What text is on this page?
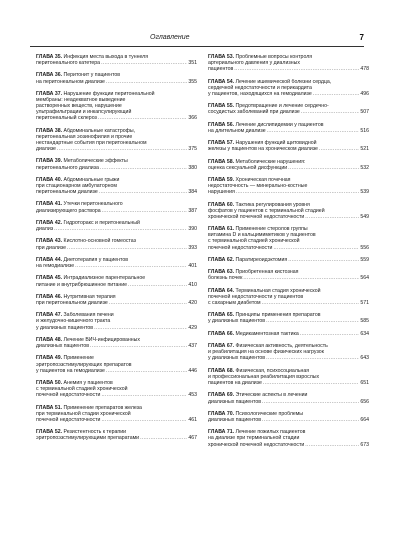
Оглавление	7
ГЛАВА 35. Инфекция места выхода в туннеля
перитонеального катетера .....	351
ГЛАВА 36. Перитонит у пациентов
на перитонеальном диализе .....	355
ГЛАВА 37. Нарушение функции перитонеальной
мембраны: неадекватное выведение
растворенных веществ, нарушение
ультрафильтрации и инкапсулирующий
перитонеальный склероз .....	366
ГЛАВА 38. Абдоминальные катастрофы,
перитонеальная эозинофилия и прочие
нестандартные события при перитонеальном
диализе .....	375
ГЛАВА 39. Метаболические эффекты
перитонеального диализа .....	380
ГЛАВА 40. Абдоминальные грыжи
при стационарном амбулаторном
перитонеальном диализе .....	384
ГЛАВА 41. Утечки перитонеального
диализирующего раствора .....	387
ГЛАВА 42. Гидроторакс и перитонеальный
диализ .....	390
ГЛАВА 43. Кислотно-основной гомеостаз
при диализе .....	393
ГЛАВА 44. Диетотерапия у пациентов
на гемодиализе .....	401
ГЛАВА 45. Интрадиализное парентеральное
питание и внутрибрюшинное питание .....	410
ГЛАВА 46. Нутритивная терапия
при перитонеальном диализе .....	420
ГЛАВА 47. Заболевания печени
и желудочно-кишечного тракта
у диализных пациентов .....	429
ГЛАВА 48. Лечение ВИЧ-инфицированных
диализных пациентов .....	437
ГЛАВА 49. Применение
эритропоэзстимулирующих препаратов
у пациентов на гемодиализе .....	446
ГЛАВА 50. Анемия у пациентов
с терминальной стадией хронической
почечной недостаточности .....	453
ГЛАВА 51. Применение препаратов железа
при терминальной стадии хронической
почечной недостаточности .....	461
ГЛАВА 52. Резистентность к терапии
эритропоэзстимулирующими препаратами .....	467
ГЛАВА 53. Проблемные вопросы контроля
артериального давления у диализных
пациентов .....	478
ГЛАВА 54. Лечение ишемической болезни сердца,
сердечной недостаточности и перикардита
у пациентов, находящихся на гемодиализе .....	496
ГЛАВА 55. Предотвращение и лечение сердечно-
сосудистых заболеваний при диализе .....	507
ГЛАВА 56. Лечение дислипидемии у пациентов
на длительном диализе .....	516
ГЛАВА 57. Нарушения функций щитовидной
железы у пациентов на хроническом диализе .....	521
ГЛАВА 58. Метаболические нарушения:
оценка сексуальной дисфункции .....	532
ГЛАВА 59. Хроническая почечная
недостаточность — минерально-костные
нарушения .....	539
ГЛАВА 60. Тактика регулирования уровня
фосфатов у пациентов с терминальной стадией
хронической почечной недостаточности .....	549
ГЛАВА 61. Применение стеролов группы
витамина D и кальцимиметиков у пациентов
с терминальной стадией хронической
почечной недостаточности .....	556
ГЛАВА 62. Паратиреоидэктомия .....	559
ГЛАВА 63. Приобретенная кистозная
болезнь почек .....	564
ГЛАВА 64. Терминальная стадия хронической
почечной недостаточности у пациентов
с сахарным диабетом .....	571
ГЛАВА 65. Принципы применения препаратов
у диализных пациентов .....	585
ГЛАВА 66. Медикаментозная тактика .....	634
ГЛАВА 67. Физическая активность, деятельность
и реабилитация на основе физических нагрузок
у диализных пациентов .....	643
ГЛАВА 68. Физическая, психосоциальная
и профессиональная реабилитация взрослых
пациентов на диализе .....	651
ГЛАВА 69. Этические аспекты в лечении
диализных пациентов .....	656
ГЛАВА 70. Психологические проблемы
диализных пациентов .....	664
ГЛАВА 71. Лечение пожилых пациентов
на диализе при терминальной стадии
хронической почечной недостаточности .....	673
